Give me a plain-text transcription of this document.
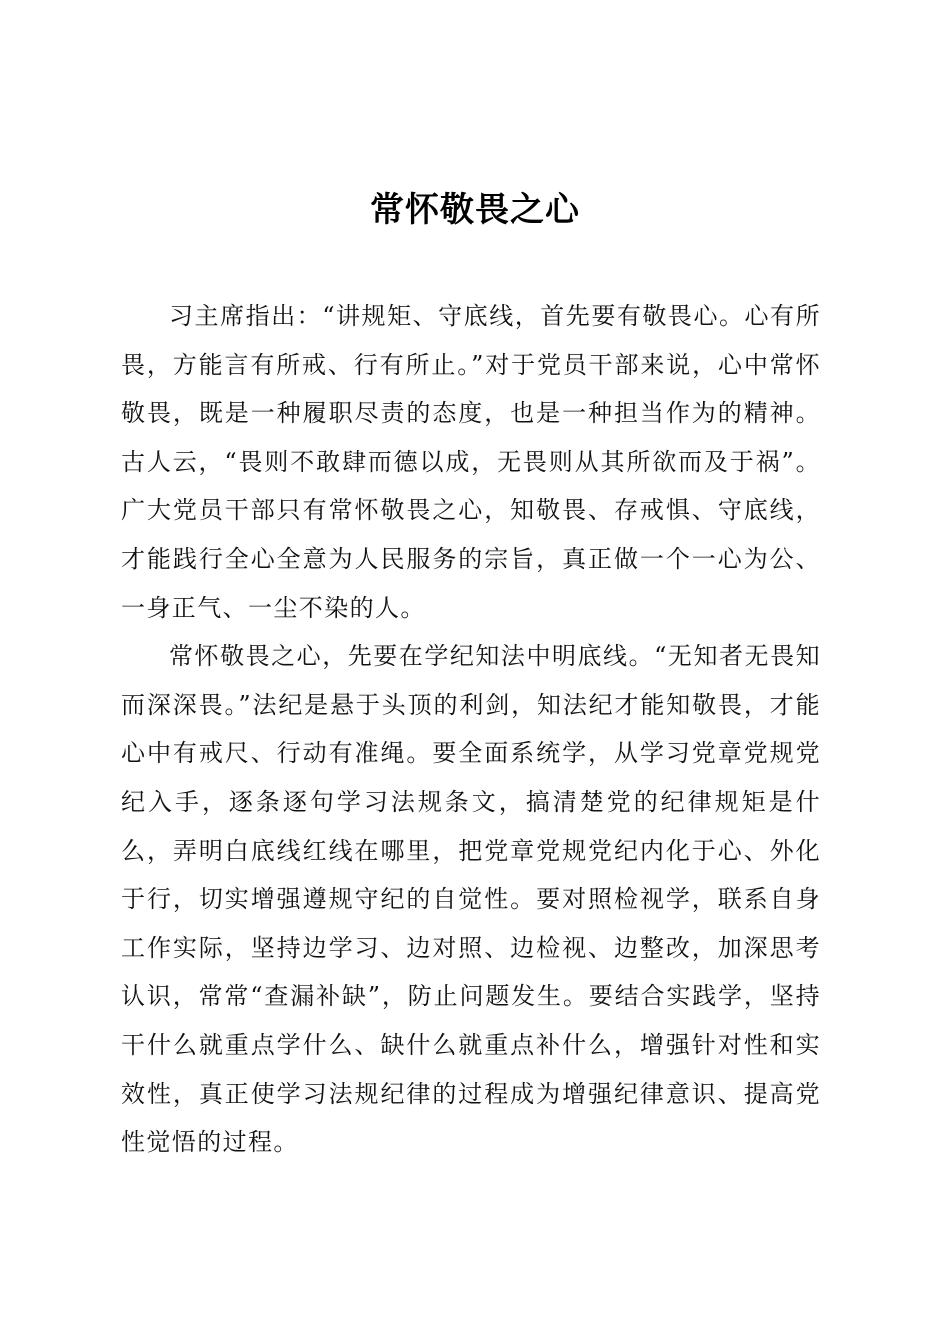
常怀敬畏之心

习主席指出：“讲规矩、守底线，首先要有敬畏心。心有所畏，方能言有所戒、行有所止。”对于党员干部来说，心中常怀敬畏，既是一种履职尽责的态度，也是一种担当作为的精神。古人云，“畏则不敢肆而德以成，无畏则从其所欲而及于祸”。广大党员干部只有常怀敬畏之心，知敬畏、存戒惧、守底线，才能践行全心全意为人民服务的宗旨，真正做一个一心为公、一身正气、一尘不染的人。

常怀敬畏之心，先要在学纪知法中明底线。“无知者无畏知而深深畏。”法纪是悬于头顶的利剑，知法纪才能知敬畏，才能心中有戒尺、行动有准绳。要全面系统学，从学习党章党规党纪入手，逐条逐句学习法规条文，搞清楚党的纪律规矩是什么，弄明白底线红线在哪里，把党章党规党纪内化于心、外化于行，切实增强遵规守纪的自觉性。要对照检视学，联系自身工作实际，坚持边学习、边对照、边检视、边整改，加深思考认识，常常“查漏补缺”，防止问题发生。要结合实践学，坚持干什么就重点学什么、缺什么就重点补什么，增强针对性和实效性，真正使学习法规纪律的过程成为增强纪律意识、提高党性觉悟的过程。
